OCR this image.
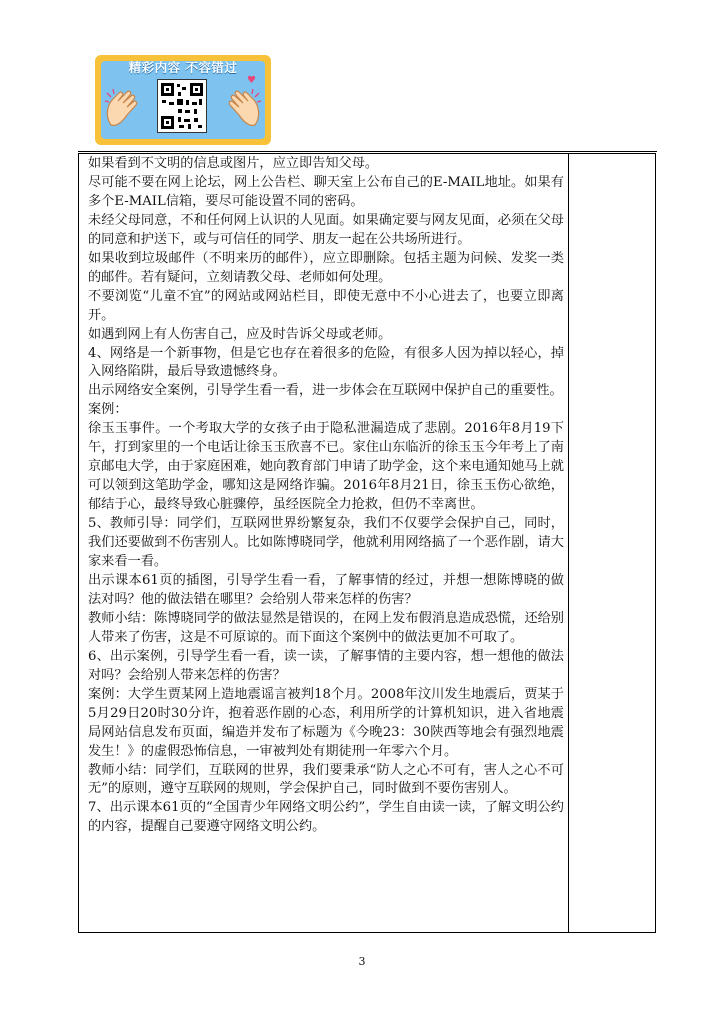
精彩内容 不容错过
♥

如果看到不文明的信息或图片，应立即告知父母。

尽可能不要在网上论坛，网上公告栏、聊天室上公布自己的E-MAIL地址。如果有多个E-MAIL信箱，要尽可能设置不同的密码。

未经父母同意，不和任何网上认识的人见面。如果确定要与网友见面，必须在父母的同意和护送下，或与可信任的同学、朋友一起在公共场所进行。

如果收到垃圾邮件（不明来历的邮件），应立即删除。包括主题为问候、发奖一类的邮件。若有疑问，立刻请教父母、老师如何处理。

不要浏览“儿童不宜”的网站或网站栏目，即使无意中不小心进去了，也要立即离开。

如遇到网上有人伤害自己，应及时告诉父母或老师。

4、网络是一个新事物，但是它也存在着很多的危险，有很多人因为掉以轻心，掉入网络陷阱，最后导致遗憾终身。

出示网络安全案例，引导学生看一看，进一步体会在互联网中保护自己的重要性。

案例：

徐玉玉事件。一个考取大学的女孩子由于隐私泄漏造成了悲剧。2016年8月19下午，打到家里的一个电话让徐玉玉欣喜不已。家住山东临沂的徐玉玉今年考上了南京邮电大学，由于家庭困难，她向教育部门申请了助学金，这个来电通知她马上就可以领到这笔助学金，哪知这是网络诈骗。2016年8月21日，徐玉玉伤心欲绝，郁结于心，最终导致心脏骤停，虽经医院全力抢救，但仍不幸离世。

5、教师引导：同学们，互联网世界纷繁复杂，我们不仅要学会保护自己，同时，我们还要做到不伤害别人。比如陈博晓同学，他就利用网络搞了一个恶作剧，请大家来看一看。

出示课本61页的插图，引导学生看一看，了解事情的经过，并想一想陈博晓的做法对吗？他的做法错在哪里？会给别人带来怎样的伤害？

教师小结：陈博晓同学的做法显然是错误的，在网上发布假消息造成恐慌，还给别人带来了伤害，这是不可原谅的。而下面这个案例中的做法更加不可取了。

6、出示案例，引导学生看一看，读一读，了解事情的主要内容，想一想他的做法对吗？会给别人带来怎样的伤害？

案例：大学生贾某网上造地震谣言被判18个月。2008年汶川发生地震后，贾某于5月29日20时30分许，抱着恶作剧的心态，利用所学的计算机知识，进入省地震局网站信息发布页面，编造并发布了标题为《今晚23：30陕西等地会有强烈地震发生！》的虚假恐怖信息，一审被判处有期徒刑一年零六个月。

教师小结：同学们，互联网的世界，我们要秉承“防人之心不可有，害人之心不可无”的原则，遵守互联网的规则，学会保护自己，同时做到不要伤害别人。

7、出示课本61页的“全国青少年网络文明公约”，学生自由读一读，了解文明公约的内容，提醒自己要遵守网络文明公约。

3
